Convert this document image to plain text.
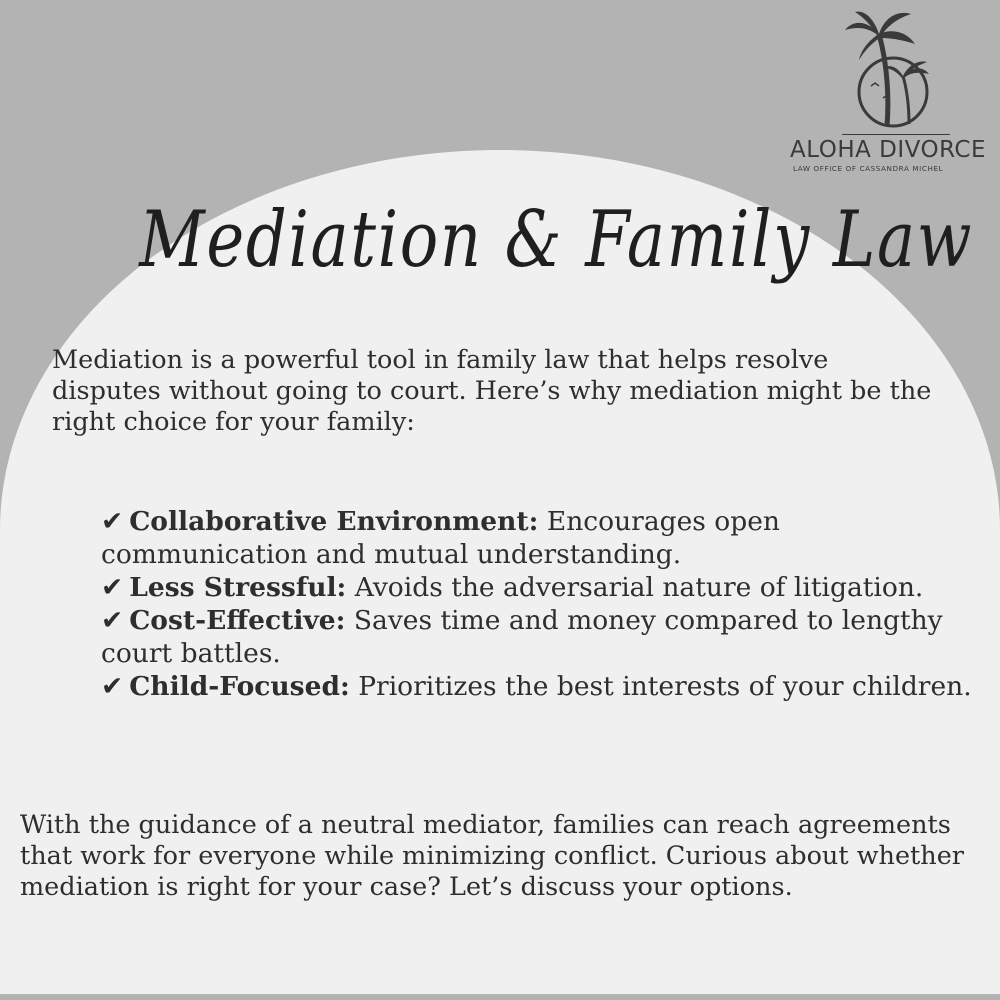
ALOHA DIVORCE
LAW OFFICE OF CASSANDRA MICHEL
Mediation & Family Law
Mediation is a powerful tool in family law that helps resolve disputes without going to court. Here’s why mediation might be the right choice for your family:

✔ Collaborative Environment: Encourages open communication and mutual understanding.

✔ Less Stressful: Avoids the adversarial nature of litigation.

✔ Cost-Effective: Saves time and money compared to lengthy court battles.

✔ Child-Focused: Prioritizes the best interests of your children.

With the guidance of a neutral mediator, families can reach agreements that work for everyone while minimizing conflict. Curious about whether mediation is right for your case? Let’s discuss your options.
